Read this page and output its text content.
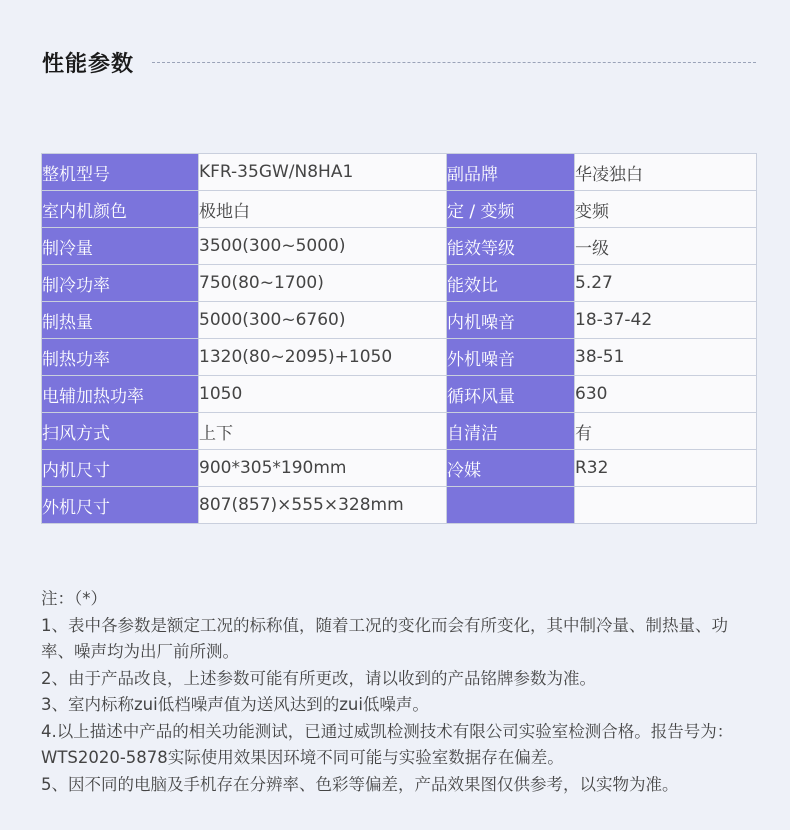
性能参数
整机型号	KFR-35GW/N8HA1	副品牌	华凌独白
室内机颜色	极地白	定 / 变频	变频
制冷量	3500(300~5000)	能效等级	一级
制冷功率	750(80~1700)	能效比	5.27
制热量	5000(300~6760)	内机噪音	18-37-42
制热功率	1320(80~2095)+1050	外机噪音	38-51
电辅加热功率	1050	循环风量	630
扫风方式	上下	自清洁	有
内机尺寸	900*305*190mm	冷媒	R32
外机尺寸	807(857)×555×328mm		

注：（*）

1、表中各参数是额定工况的标称值，随着工况的变化而会有所变化，其中制冷量、制热量、功率、噪声均为出厂前所测。

2、由于产品改良，上述参数可能有所更改，请以收到的产品铭牌参数为准。

3、室内标称zui低档噪声值为送风达到的zui低噪声。

4.以上描述中产品的相关功能测试，已通过威凯检测技术有限公司实验室检测合格。报告号为：WTS2020-5878实际使用效果因环境不同可能与实验室数据存在偏差。

5、因不同的电脑及手机存在分辨率、色彩等偏差，产品效果图仅供参考，以实物为准。
